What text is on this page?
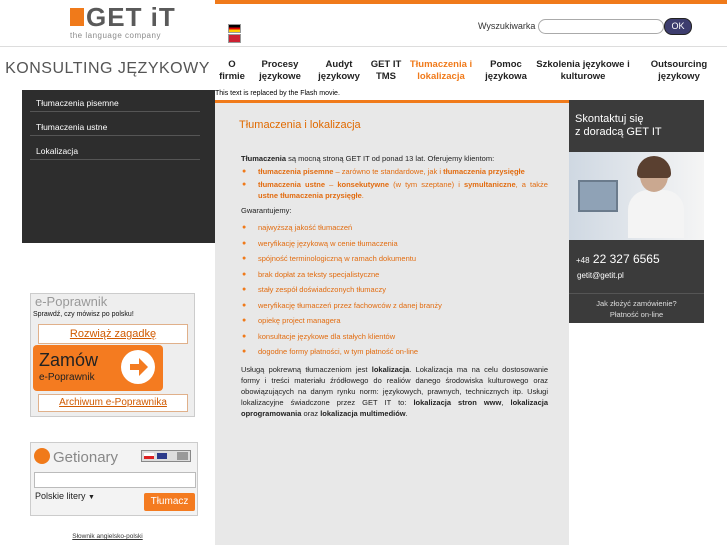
GET iT
the language company
Wyszukiwarka	OK
KONSULTING JĘZYKOWY	O firmie
Procesy językowe
Audyt językowy
GET IT TMS
Tłumaczenia i lokalizacja
Pomoc językowa
Szkolenia językowe i kulturowe
Outsourcing językowy
Tłumaczenia pisemne
Tłumaczenia ustne
Lokalizacja
e-Poprawnik
Sprawdź, czy mówisz po polsku!
Rozwiąż zagadkę
Zamów
e-Poprawnik
Archiwum e-Poprawnika
Getionary
Polskie litery ▼	Tłumacz
Słownik angielsko-polski
This text is replaced by the Flash movie.
Tłumaczenia i lokalizacja

Tłumaczenia są mocną stroną GET IT od ponad 13 lat. Oferujemy klientom:

● tłumaczenia pisemne – zarówno te standardowe, jak i tłumaczenia przysięgłe
● tłumaczenia ustne – konsekutywne (w tym szeptane) i symultaniczne, a także ustne tłumaczenia przysięgłe.

Gwarantujemy:

● najwyższą jakość tłumaczeń
● weryfikację językową w cenie tłumaczenia
● spójność terminologiczną w ramach dokumentu
● brak dopłat za teksty specjalistyczne
● stały zespół doświadczonych tłumaczy
● weryfikację tłumaczeń przez fachowców z danej branży
● opiekę project managera
● konsultacje językowe dla stałych klientów
● dogodne formy płatności, w tym płatność on-line

Usługą pokrewną tłumaczeniom jest lokalizacja. Lokalizacja ma na celu dostosowanie formy i treści materiału źródłowego do realiów danego środowiska kulturowego oraz obowiązujących na danym rynku norm: językowych, prawnych, technicznych itp. Usługi lokalizacyjne świadczone przez GET IT to: lokalizacja stron www, lokalizacja oprogramowania oraz lokalizacja multimediów.

Skontaktuj się
z doradcą GET IT
+48 22 327 6565
getit@getit.pl
Jak złożyć zamówienie?
Płatność on-line
